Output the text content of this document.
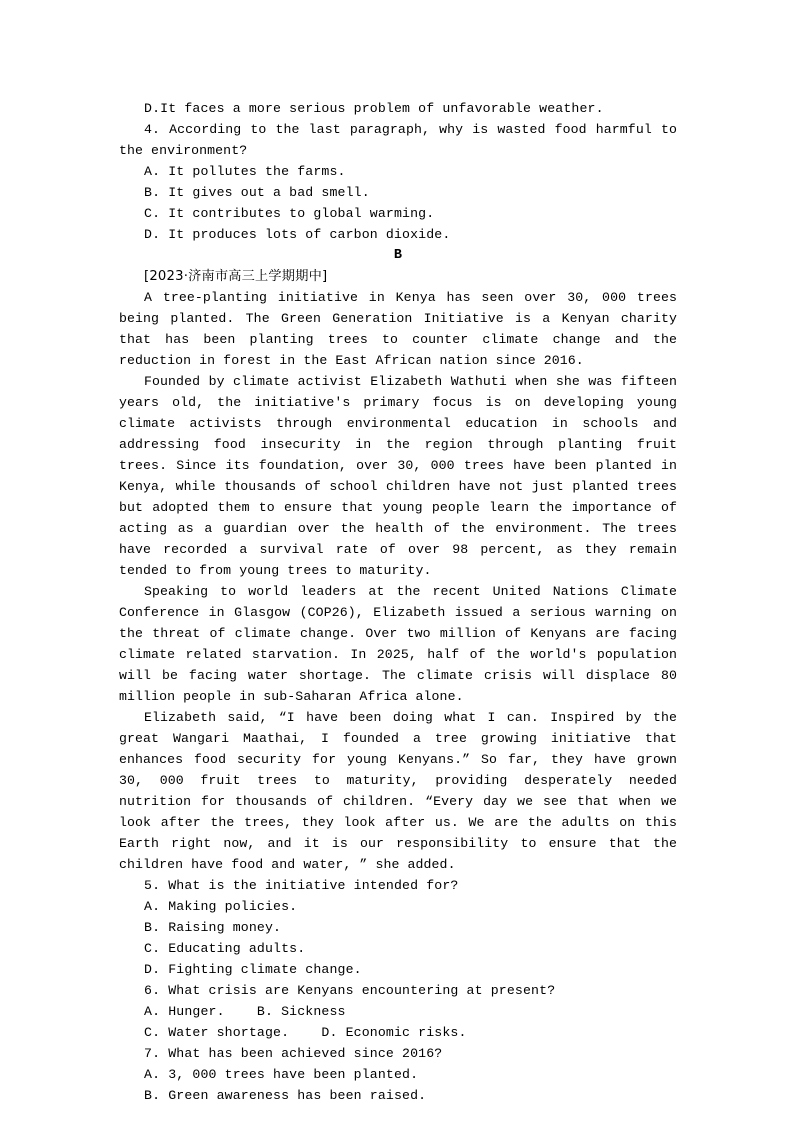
D.It faces a more serious problem of unfavorable weather.
4. According to the last paragraph, why is wasted food harmful to the environment?
A. It pollutes the farms.
B. It gives out a bad smell.
C. It contributes to global warming.
D. It produces lots of carbon dioxide.
B
[2023·济南市高三上学期期中]

A tree-planting initiative in Kenya has seen over 30, 000 trees being planted. The Green Generation Initiative is a Kenyan charity that has been planting trees to counter climate change and the reduction in forest in the East African nation since 2016.

Founded by climate activist Elizabeth Wathuti when she was fifteen years old, the initiative's primary focus is on developing young climate activists through environmental education in schools and addressing food insecurity in the region through planting fruit trees. Since its foundation, over 30, 000 trees have been planted in Kenya, while thousands of school children have not just planted trees but adopted them to ensure that young people learn the importance of acting as a guardian over the health of the environment. The trees have recorded a survival rate of over 98 percent, as they remain tended to from young trees to maturity.

Speaking to world leaders at the recent United Nations Climate Conference in Glasgow (COP26), Elizabeth issued a serious warning on the threat of climate change. Over two million of Kenyans are facing climate related starvation. In 2025, half of the world's population will be facing water shortage. The climate crisis will displace 80 million people in sub-Saharan Africa alone.

Elizabeth said, “I have been doing what I can. Inspired by the great Wangari Maathai, I founded a tree growing initiative that enhances food security for young Kenyans.” So far, they have grown 30, 000 fruit trees to maturity, providing desperately needed nutrition for thousands of children. “Every day we see that when we look after the trees, they look after us. We are the adults on this Earth right now, and it is our responsibility to ensure that the children have food and water, ” she added.

5. What is the initiative intended for?
A. Making policies.
B. Raising money.
C. Educating adults.
D. Fighting climate change.
6. What crisis are Kenyans encountering at present?
A. Hunger.    B. Sickness
C. Water shortage.    D. Economic risks.
7. What has been achieved since 2016?
A. 3, 000 trees have been planted.
B. Green awareness has been raised.
